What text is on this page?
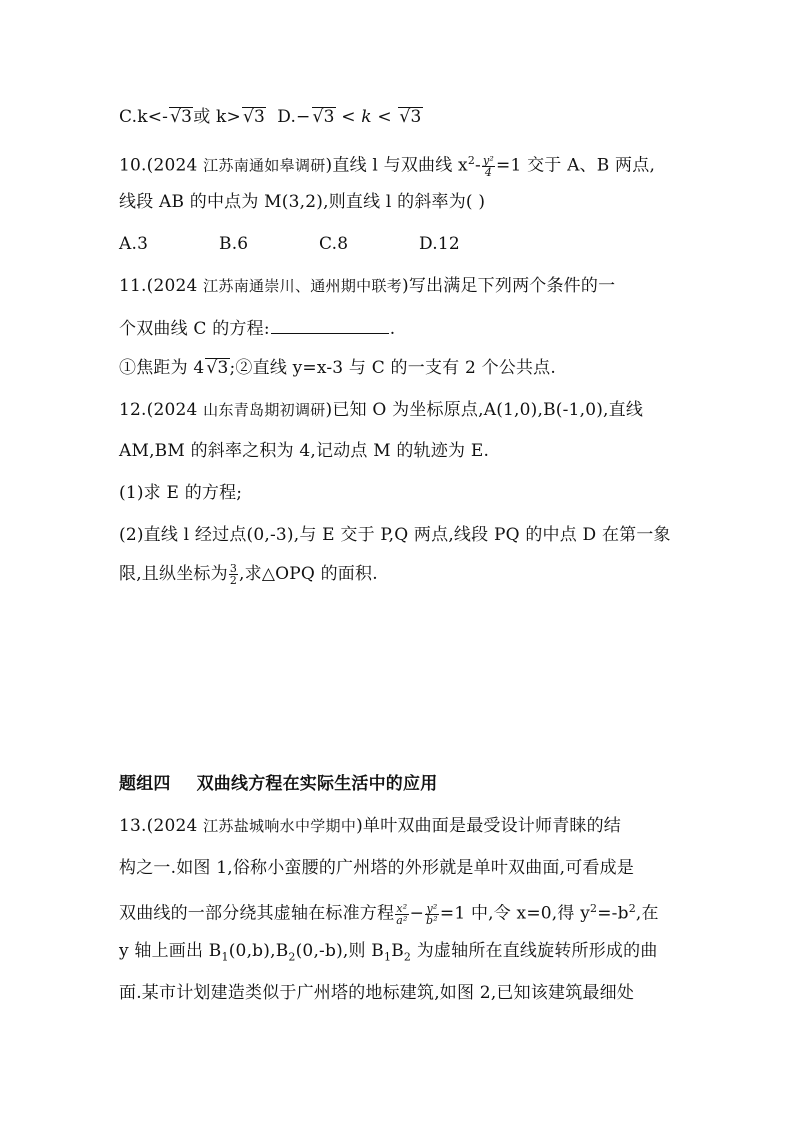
C.k<- √3或 k> √3 D.− √3 < k < √3
10.(2024 江苏南通如皋调研)直线 l 与双曲线 $x^2- \frac{\text{y²}}{4} =1$ 交于 A、B 两点,
线段 AB 的中点为 M(3,2),则直线 l 的斜率为( )
A.3	B.6	C.8	D.12
11.(2024 江苏南通崇川、通州期中联考)写出满足下列两个条件的一
个双曲线 C 的方程:	.
①焦距为 4 √3;②直线 y=x-3 与 C 的一支有 2 个公共点.
12.(2024 山东青岛期初调研)已知 O 为坐标原点,A(1,0),B(-1,0),直线
AM,BM 的斜率之积为 4,记动点 M 的轨迹为 E.
(1)求 E 的方程;
(2)直线 l 经过点(0,-3),与 E 交于 P,Q 两点,线段 PQ 的中点 D 在第一象
限,且纵坐标为 $\frac{3}{2}$ ,求△OPQ 的面积.
题组四 双曲线方程在实际生活中的应用
13.(2024 江苏盐城响水中学期中)单叶双曲面是最受设计师青睐的结
构之一.如图 1,俗称小蛮腰的广州塔的外形就是单叶双曲面,可看成是
双曲线的一部分绕其虚轴在标准方程 $\frac{\text{x²}}{\text{a²}} - \frac{\text{y²}}{\text{b²}} =1$ 中,令 x=0,得 $y^2=-b^2$,在
y 轴上画出 $B_1(0,b),B_2(0,-b)$,则 $B_1B_2$ 为虚轴所在直线旋转所形成的曲
面.某市计划建造类似于广州塔的地标建筑,如图 2,已知该建筑最细处
